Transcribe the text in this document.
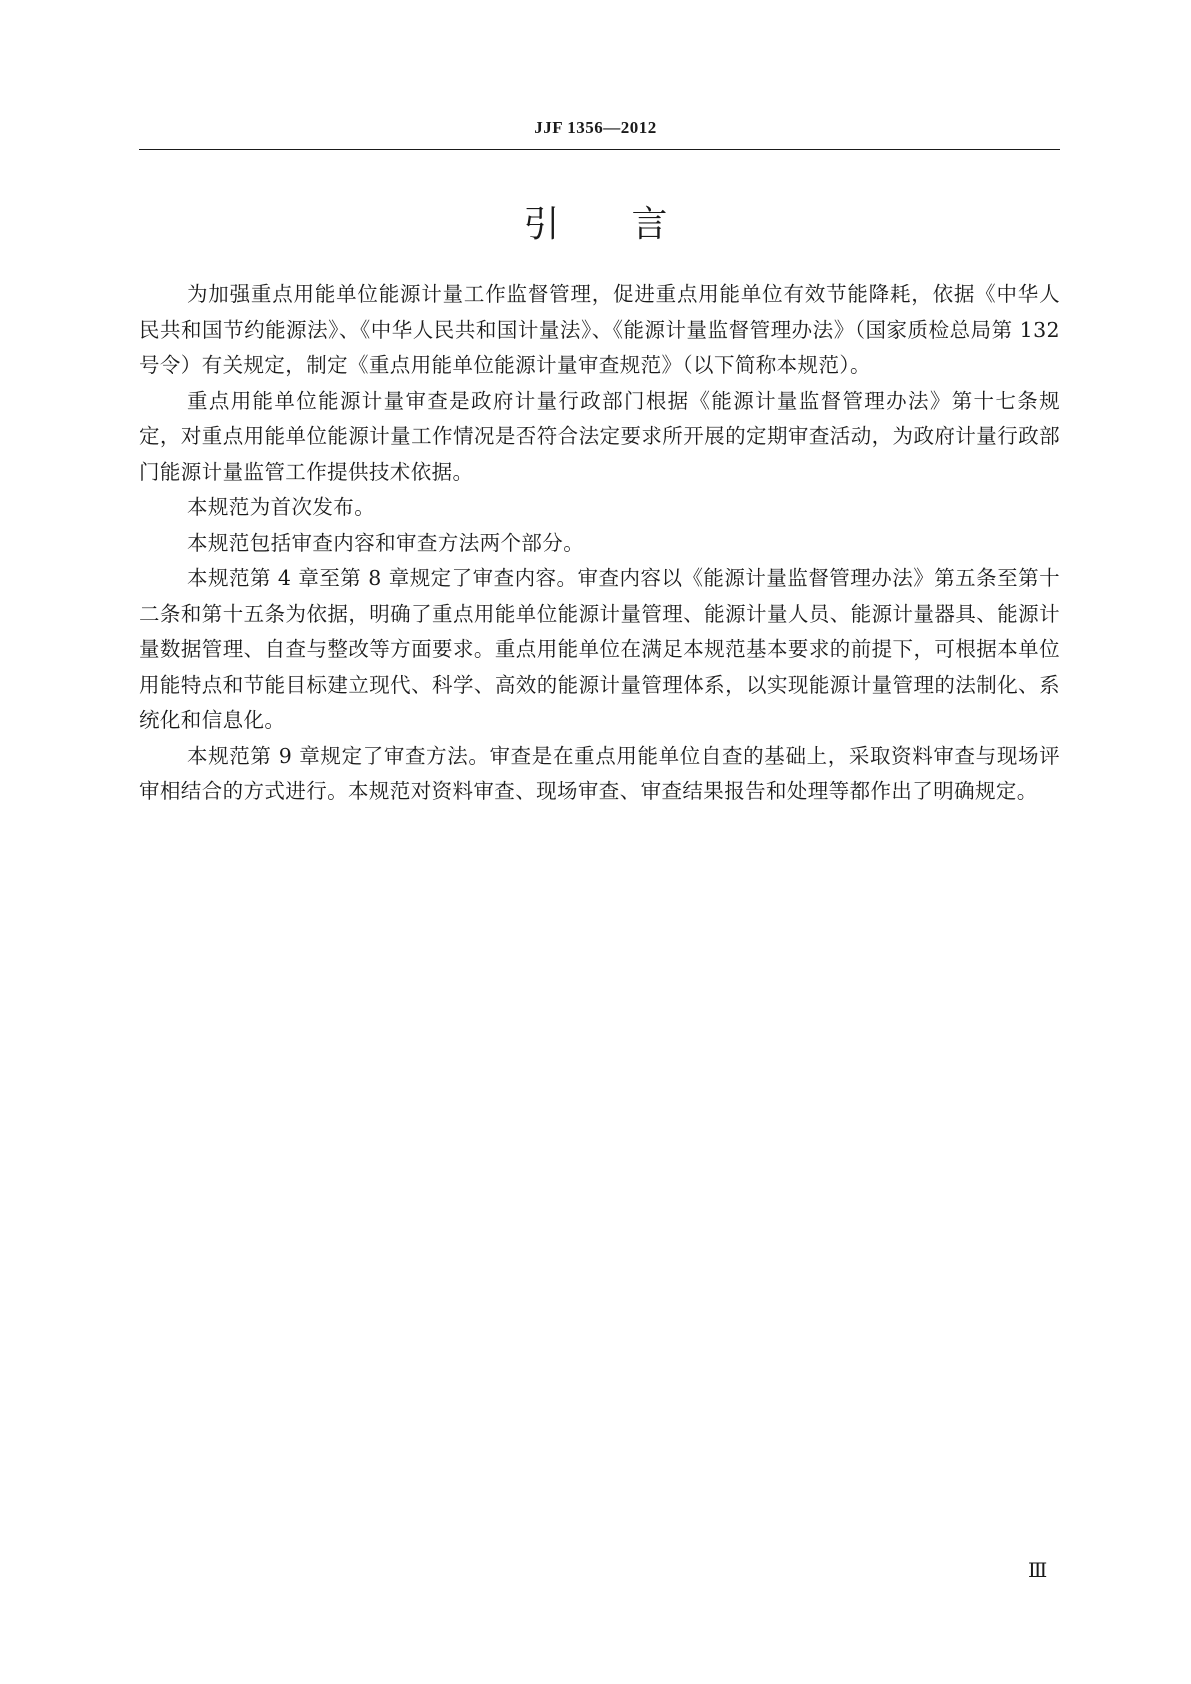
JJF 1356—2012
引 言

为加强重点用能单位能源计量工作监督管理，促进重点用能单位有效节能降耗，依据《中华人民共和国节约能源法》、《中华人民共和国计量法》、《能源计量监督管理办法》（国家质检总局第 132 号令）有关规定，制定《重点用能单位能源计量审查规范》（以下简称本规范）。

重点用能单位能源计量审查是政府计量行政部门根据《能源计量监督管理办法》第十七条规定，对重点用能单位能源计量工作情况是否符合法定要求所开展的定期审查活动，为政府计量行政部门能源计量监管工作提供技术依据。

本规范为首次发布。

本规范包括审查内容和审查方法两个部分。

本规范第 4 章至第 8 章规定了审查内容。审查内容以《能源计量监督管理办法》第五条至第十二条和第十五条为依据，明确了重点用能单位能源计量管理、能源计量人员、能源计量器具、能源计量数据管理、自查与整改等方面要求。重点用能单位在满足本规范基本要求的前提下，可根据本单位用能特点和节能目标建立现代、科学、高效的能源计量管理体系，以实现能源计量管理的法制化、系统化和信息化。

本规范第 9 章规定了审查方法。审查是在重点用能单位自查的基础上，采取资料审查与现场评审相结合的方式进行。本规范对资料审查、现场审查、审查结果报告和处理等都作出了明确规定。

Ⅲ
